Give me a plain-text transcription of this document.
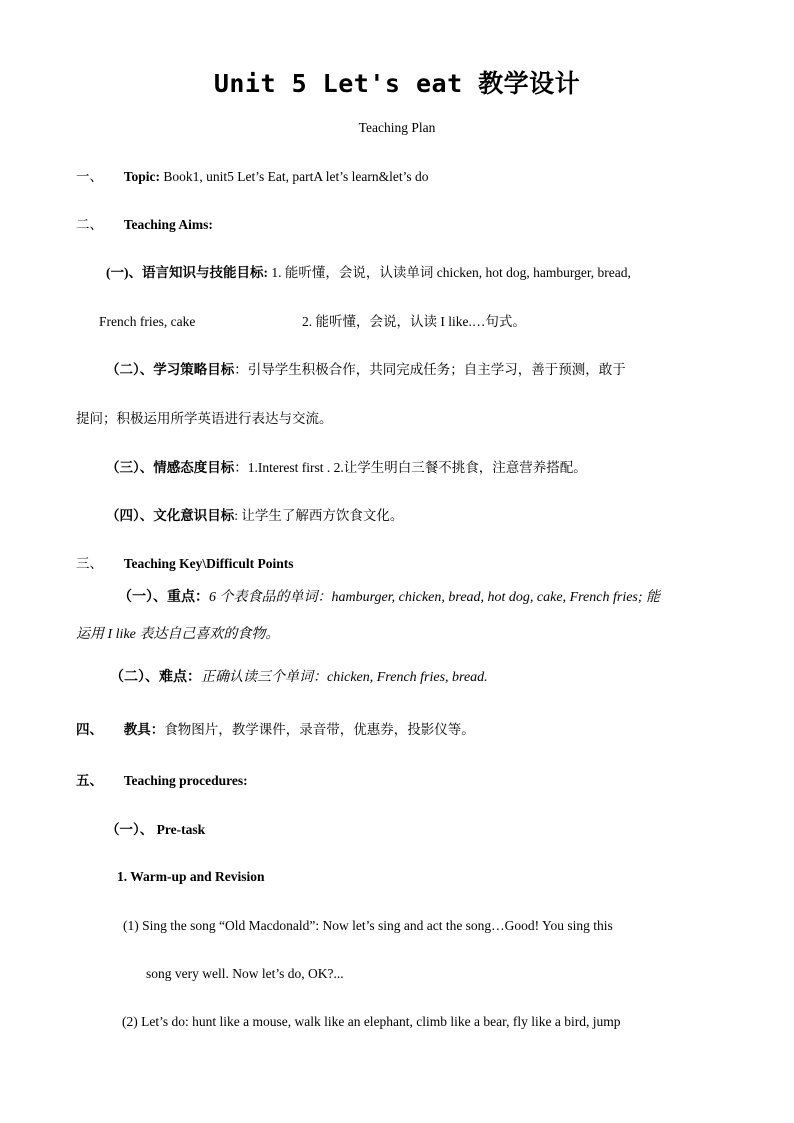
Unit 5 Let's eat 教学设计
Teaching Plan
一、 Topic: Book1, unit5 Let’s Eat, partA let’s learn&let’s do
二、 Teaching Aims:
(一)、语言知识与技能目标: 1. 能听懂，会说，认读单词 chicken, hot dog, hamburger, bread,
French fries, cake	2. 能听懂，会说，认读 I like.…句式。
（二）、学习策略目标：引导学生积极合作，共同完成任务；自主学习，善于预测，敢于
提问；积极运用所学英语进行表达与交流。
（三）、情感态度目标：1.Interest first . 2.让学生明白三餐不挑食，注意营养搭配。
（四）、文化意识目标: 让学生了解西方饮食文化。
三、 Teaching Key\Difficult Points
（一）、重点：6 个表食品的单词：hamburger, chicken, bread, hot dog, cake, French fries; 能
运用 I like 表达自己喜欢的食物。
（二）、难点：正确认读三个单词：chicken, French fries, bread.
四、 教具：食物图片，教学课件，录音带，优惠券，投影仪等。
五、 Teaching procedures:
（一）、 Pre-task
1. Warm-up and Revision
(1) Sing the song “Old Macdonald”: Now let’s sing and act the song…Good! You sing this
song very well. Now let’s do, OK?...
(2) Let’s do: hunt like a mouse, walk like an elephant, climb like a bear, fly like a bird, jump
